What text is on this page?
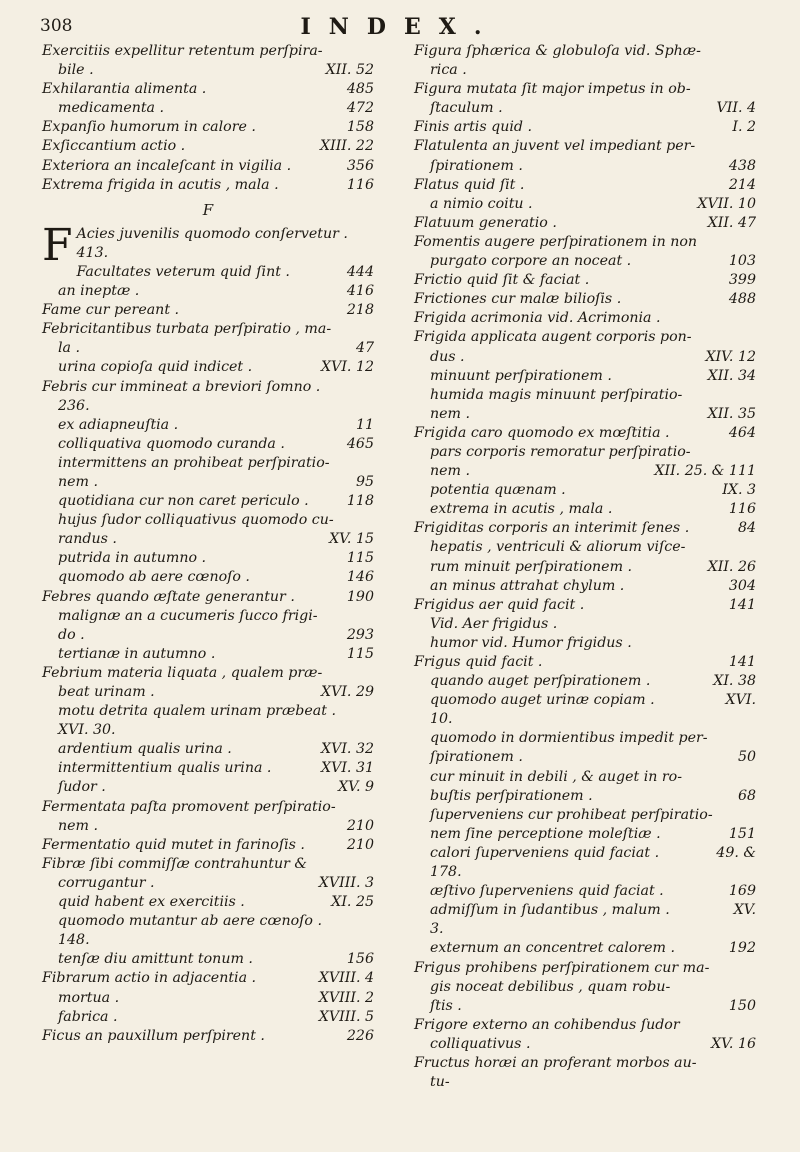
308	INDEX.
Exercitiis expellitur retentum perſpira-
XII. 52
bile .
485
Exhilarantia alimenta .
472
medicamenta .
158
Expanſio humorum in calore .
XIII. 22
Exſiccantium actio .
356
Exteriora an incaleſcant in vigilia .
116
Extrema frigida in acutis , mala .
F
F Acies juvenilis quomodo conſervetur . 413.
444
Facultates veterum quid ſint .
416
an ineptæ .
218
Fame cur pereant .
Febricitantibus turbata perſpiratio , ma-
47
la .
XVI. 12
urina copioſa quid indicet .
Febris cur immineat a breviori ſomno .
236.
11
ex adiapneuſtia .
465
colliquativa quomodo curanda .
intermittens an prohibeat perſpiratio-
95
nem .
118
quotidiana cur non caret periculo .
hujus ſudor colliquativus quomodo cu-
XV. 15
randus .
115
putrida in autumno .
146
quomodo ab aere cœnoſo .
190
Febres quando æſtate generantur .
malignæ an a cucumeris ſucco frigi-
293
do .
115
tertianæ in autumno .
Febrium materia liquata , qualem præ-
XVI. 29
beat urinam .
motu detrita qualem urinam præbeat .
XVI. 30.
XVI. 32
ardentium qualis urina .
XVI. 31
intermittentium qualis urina .
XV. 9
ſudor .
Fermentata paſta promovent perſpiratio-
210
nem .
210
Fermentatio quid mutet in farinoſis .
Fibræ ſibi commiſſæ contrahuntur &
XVIII. 3
corrugantur .
XI. 25
quid habent ex exercitiis .
quomodo mutantur ab aere cœnoſo .
148.
156
tenſæ diu amittunt tonum .
XVIII. 4
Fibrarum actio in adjacentia .
XVIII. 2
mortua .
XVIII. 5
fabrica .
226
Ficus an pauxillum perſpirent .
Figura ſphærica & globuloſa vid. Sphæ-
rica .
Figura mutata ſit major impetus in ob-
VII. 4
ſtaculum .
I. 2
Finis artis quid .
Flatulenta an juvent vel impediant per-
438
ſpirationem .
214
Flatus quid ſit .
XVII. 10
a nimio coitu .
XII. 47
Flatuum generatio .
Fomentis augere perſpirationem in non
103
purgato corpore an noceat .
399
Frictio quid ſit & faciat .
488
Frictiones cur malæ bilioſis .
Frigida acrimonia vid. Acrimonia .
Frigida applicata augent corporis pon-
XIV. 12
dus .
XII. 34
minuunt perſpirationem .
humida magis minuunt perſpiratio-
XII. 35
nem .
464
Frigida caro quomodo ex mœſtitia .
pars corporis remoratur perſpiratio-
XII. 25. & 111
nem .
IX. 3
potentia quænam .
116
extrema in acutis , mala .
84
Frigiditas corporis an interimit ſenes .
hepatis , ventriculi & aliorum viſce-
XII. 26
rum minuit perſpirationem .
304
an minus attrahat chylum .
141
Frigidus aer quid facit .
Vid. Aer frigidus .
humor vid. Humor frigidus .
141
Frigus quid facit .
XI. 38
quando auget perſpirationem .
XVI.
quomodo auget urinæ copiam .
10.
quomodo in dormientibus impedit per-
50
ſpirationem .
cur minuit in debili , & auget in ro-
68
buſtis perſpirationem .
ſuperveniens cur prohibeat perſpiratio-
151
nem ſine perceptione moleſtiæ .
49. &
calori ſuperveniens quid faciat .
178.
169
æſtivo ſuperveniens quid faciat .
XV.
admiſſum in ſudantibus , malum .
3.
192
externum an concentret calorem .
Frigus prohibens perſpirationem cur ma-
gis noceat debilibus , quam robu-
150
ſtis .
Frigore externo an cohibendus ſudor
XV. 16
colliquativus .
Fructus horæi an proferant morbos au-
tu-
